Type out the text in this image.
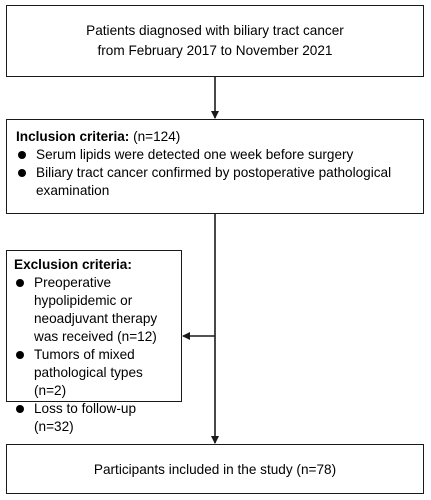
Patients diagnosed with biliary tract cancer
from February 2017 to November 2021
Inclusion criteria: (n=124)
Serum lipids were detected one week before surgery
Biliary tract cancer confirmed by postoperative pathological examination
Exclusion criteria:
Preoperative hypolipidemic or neoadjuvant therapy was received (n=12)
Tumors of mixed pathological types (n=2)
Loss to follow-up (n=32)
Participants included in the study (n=78)
